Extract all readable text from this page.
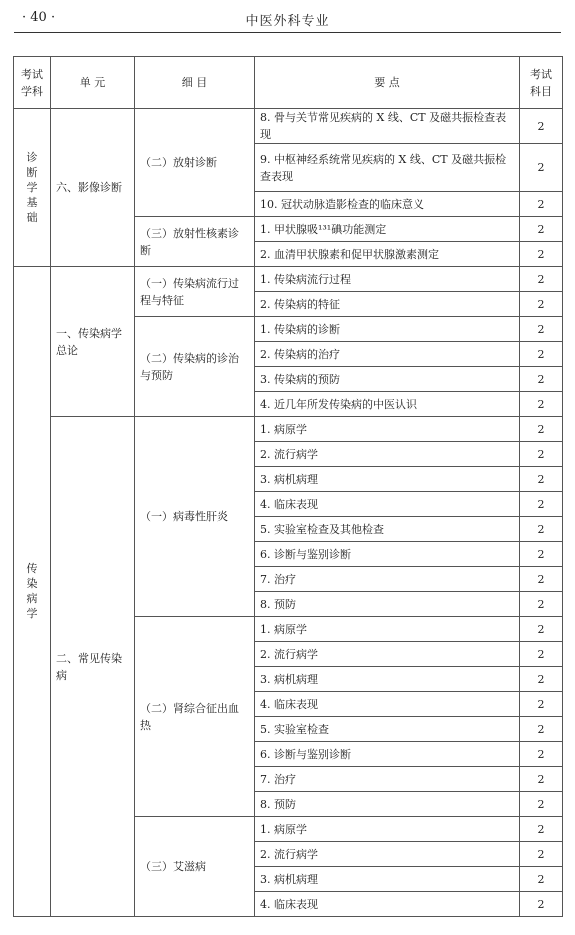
· 40 ·	中医外科专业
考试学科	单 元	细 目	要 点	考试科目
诊断学基础	六、影像诊断	（二）放射诊断	8. 骨与关节常见疾病的 X 线、CT 及磁共振检查表现	2
			9. 中枢神经系统常见疾病的 X 线、CT 及磁共振检查表现	2
			10. 冠状动脉造影检查的临床意义	2
		（三）放射性核素诊断	1. 甲状腺吸¹³¹碘功能测定	2
			2. 血清甲状腺素和促甲状腺激素测定	2
传染病学	一、传染病学总论	（一）传染病流行过程与特征	1. 传染病流行过程	2
			2. 传染病的特征	2
		（二）传染病的诊治与预防	1. 传染病的诊断	2
			2. 传染病的治疗	2
			3. 传染病的预防	2
			4. 近几年所发传染病的中医认识	2
	二、常见传染病	（一）病毒性肝炎	1. 病原学	2
			2. 流行病学	2
			3. 病机病理	2
			4. 临床表现	2
			5. 实验室检查及其他检查	2
			6. 诊断与鉴别诊断	2
			7. 治疗	2
			8. 预防	2
		（二）肾综合征出血热	1. 病原学	2
			2. 流行病学	2
			3. 病机病理	2
			4. 临床表现	2
			5. 实验室检查	2
			6. 诊断与鉴别诊断	2
			7. 治疗	2
			8. 预防	2
		（三）艾滋病	1. 病原学	2
			2. 流行病学	2
			3. 病机病理	2
			4. 临床表现	2
